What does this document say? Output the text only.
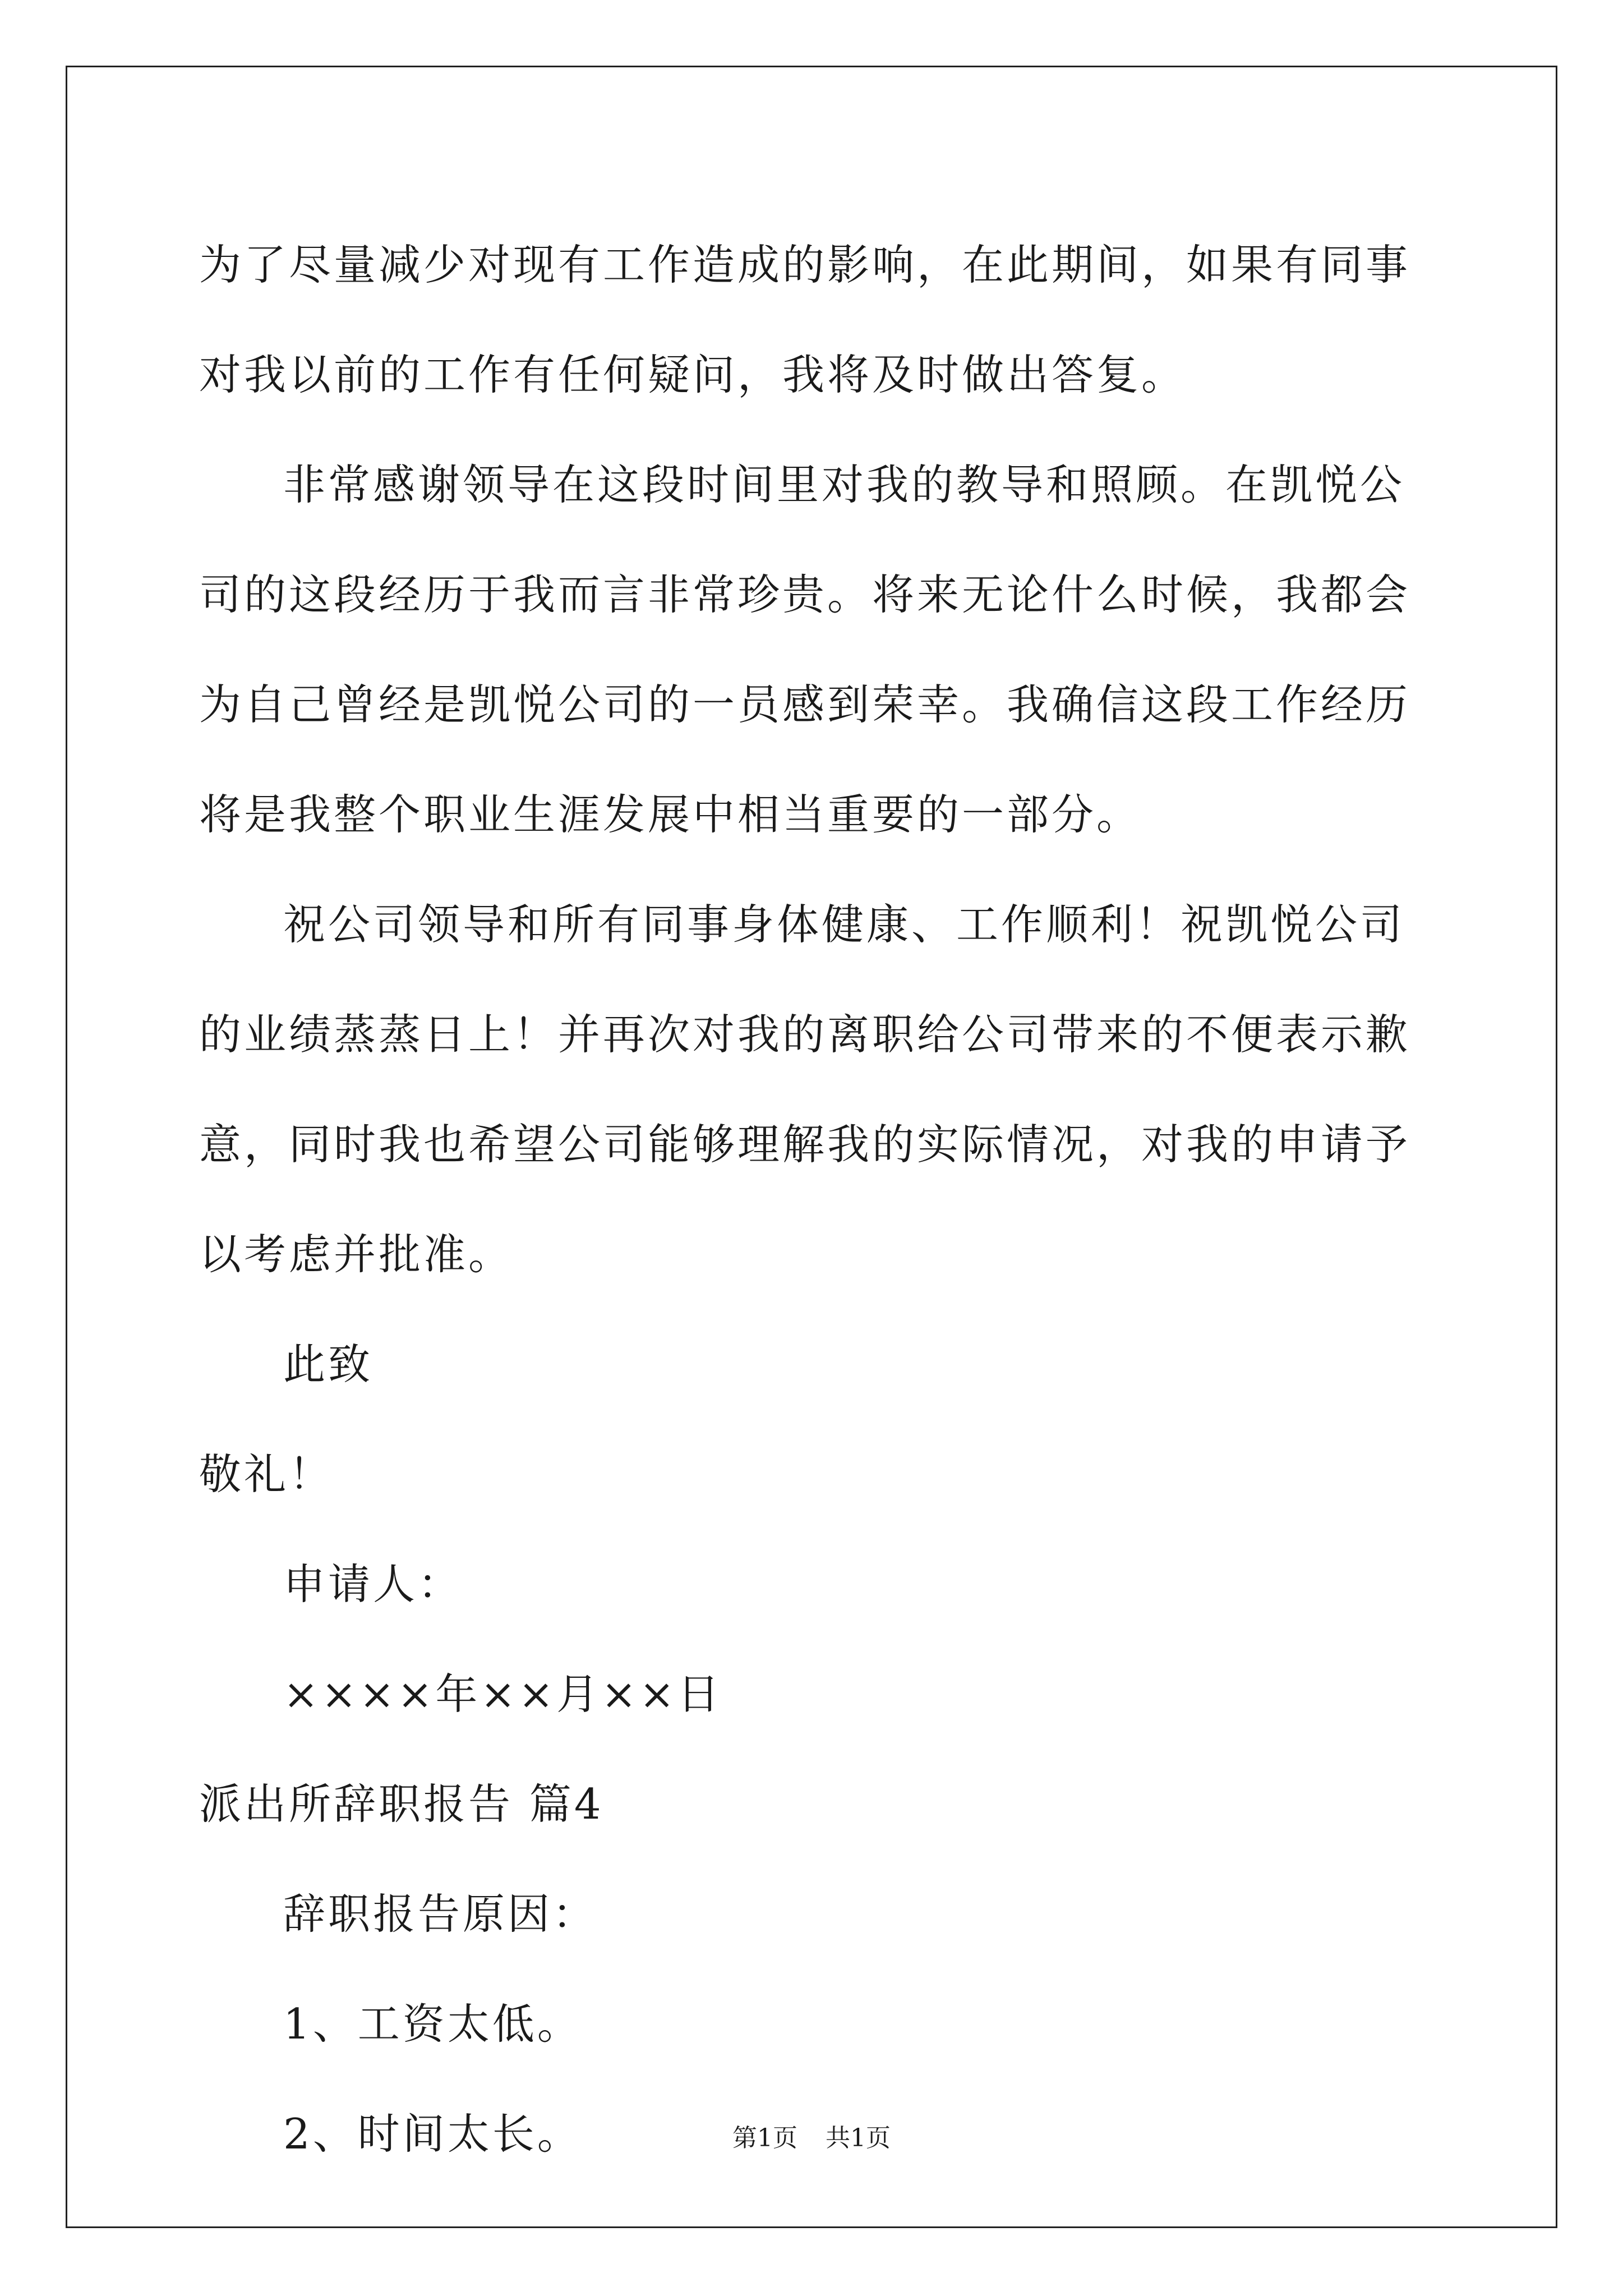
为了尽量减少对现有工作造成的影响，在此期间，如果有同事对我以前的工作有任何疑问，我将及时做出答复。

非常感谢领导在这段时间里对我的教导和照顾。在凯悦公司的这段经历于我而言非常珍贵。将来无论什么时候，我都会为自己曾经是凯悦公司的一员感到荣幸。我确信这段工作经历将是我整个职业生涯发展中相当重要的一部分。

祝公司领导和所有同事身体健康、工作顺利！祝凯悦公司的业绩蒸蒸日上！并再次对我的离职给公司带来的不便表示歉意，同时我也希望公司能够理解我的实际情况，对我的申请予以考虑并批准。

此致

敬礼！

申请人：

××××年××月××日

派出所辞职报告 篇4

辞职报告原因：

1、工资太低。

2、时间太长。	第1页 共1页
